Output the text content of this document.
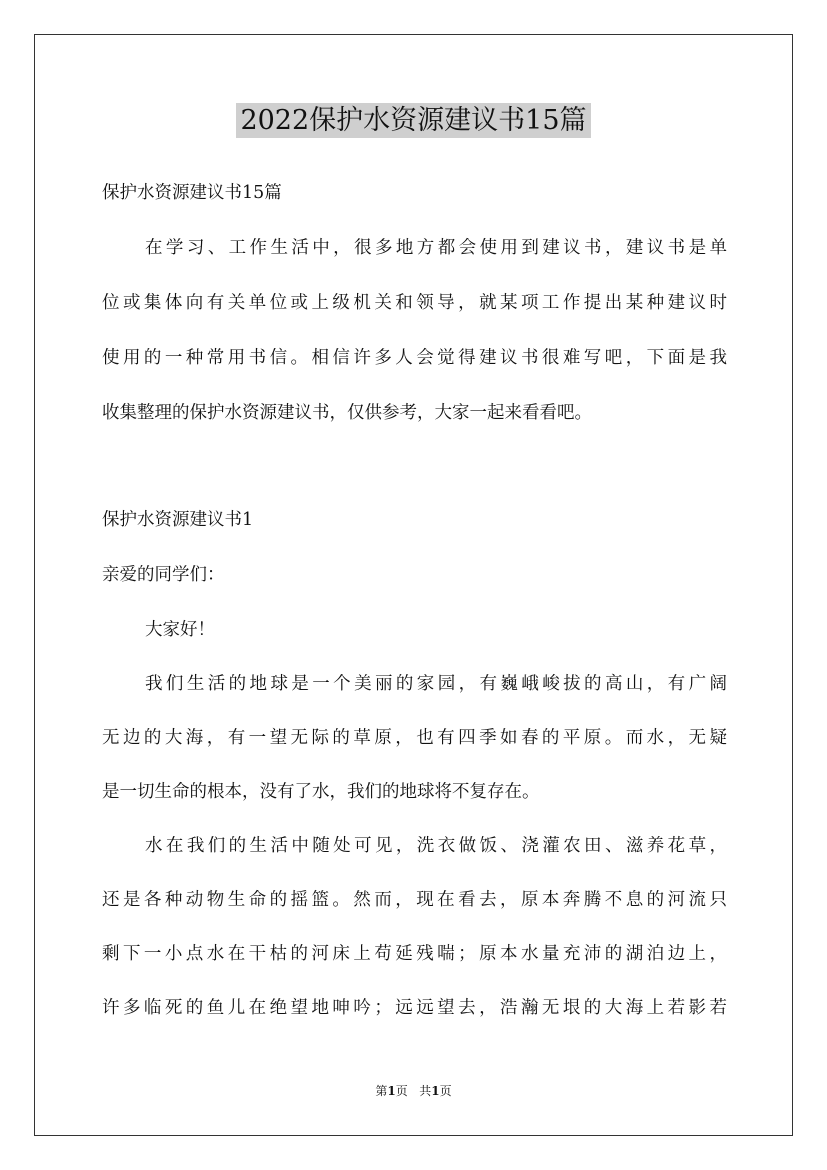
2022保护水资源建议书15篇
保护水资源建议书15篇
在学习、工作生活中，很多地方都会使用到建议书，建议书是单
位或集体向有关单位或上级机关和领导，就某项工作提出某种建议时
使用的一种常用书信。相信许多人会觉得建议书很难写吧，下面是我
收集整理的保护水资源建议书，仅供参考，大家一起来看看吧。
保护水资源建议书1
亲爱的同学们：
大家好！
我们生活的地球是一个美丽的家园，有巍峨峻拔的高山，有广阔
无边的大海，有一望无际的草原，也有四季如春的平原。而水，无疑
是一切生命的根本，没有了水，我们的地球将不复存在。
水在我们的生活中随处可见，洗衣做饭、浇灌农田、滋养花草，
还是各种动物生命的摇篮。然而，现在看去，原本奔腾不息的河流只
剩下一小点水在干枯的河床上苟延残喘；原本水量充沛的湖泊边上，
许多临死的鱼儿在绝望地呻吟；远远望去，浩瀚无垠的大海上若影若
第1页 共1页
